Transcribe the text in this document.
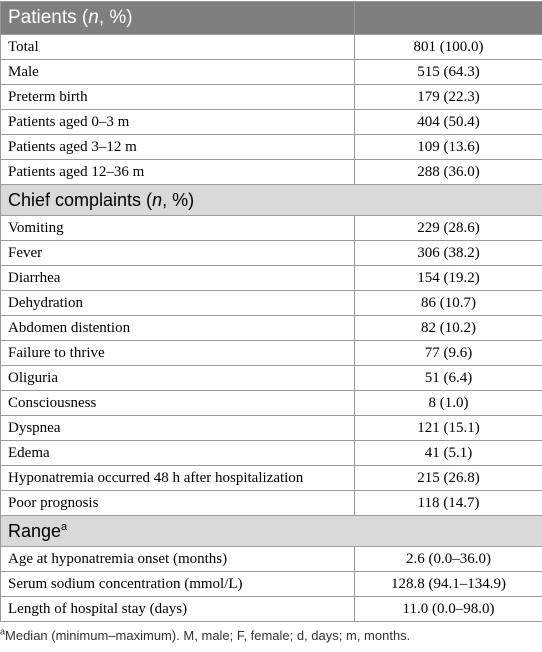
Patients (n, %)	
Total	801 (100.0)
Male	515 (64.3)
Preterm birth	179 (22.3)
Patients aged 0–3 m	404 (50.4)
Patients aged 3–12 m	109 (13.6)
Patients aged 12–36 m	288 (36.0)
Chief complaints (n, %)	
Vomiting	229 (28.6)
Fever	306 (38.2)
Diarrhea	154 (19.2)
Dehydration	86 (10.7)
Abdomen distention	82 (10.2)
Failure to thrive	77 (9.6)
Oliguria	51 (6.4)
Consciousness	8 (1.0)
Dyspnea	121 (15.1)
Edema	41 (5.1)
Hyponatremia occurred 48 h after hospitalization	215 (26.8)
Poor prognosis	118 (14.7)
Range$^a$
Age at hyponatremia onset (months)	2.6 (0.0–36.0)
Serum sodium concentration (mmol/L)	128.8 (94.1–134.9)
Length of hospital stay (days)	11.0 (0.0–98.0)
$^a$Median (minimum–maximum). M, male; F, female; d, days; m, months.
